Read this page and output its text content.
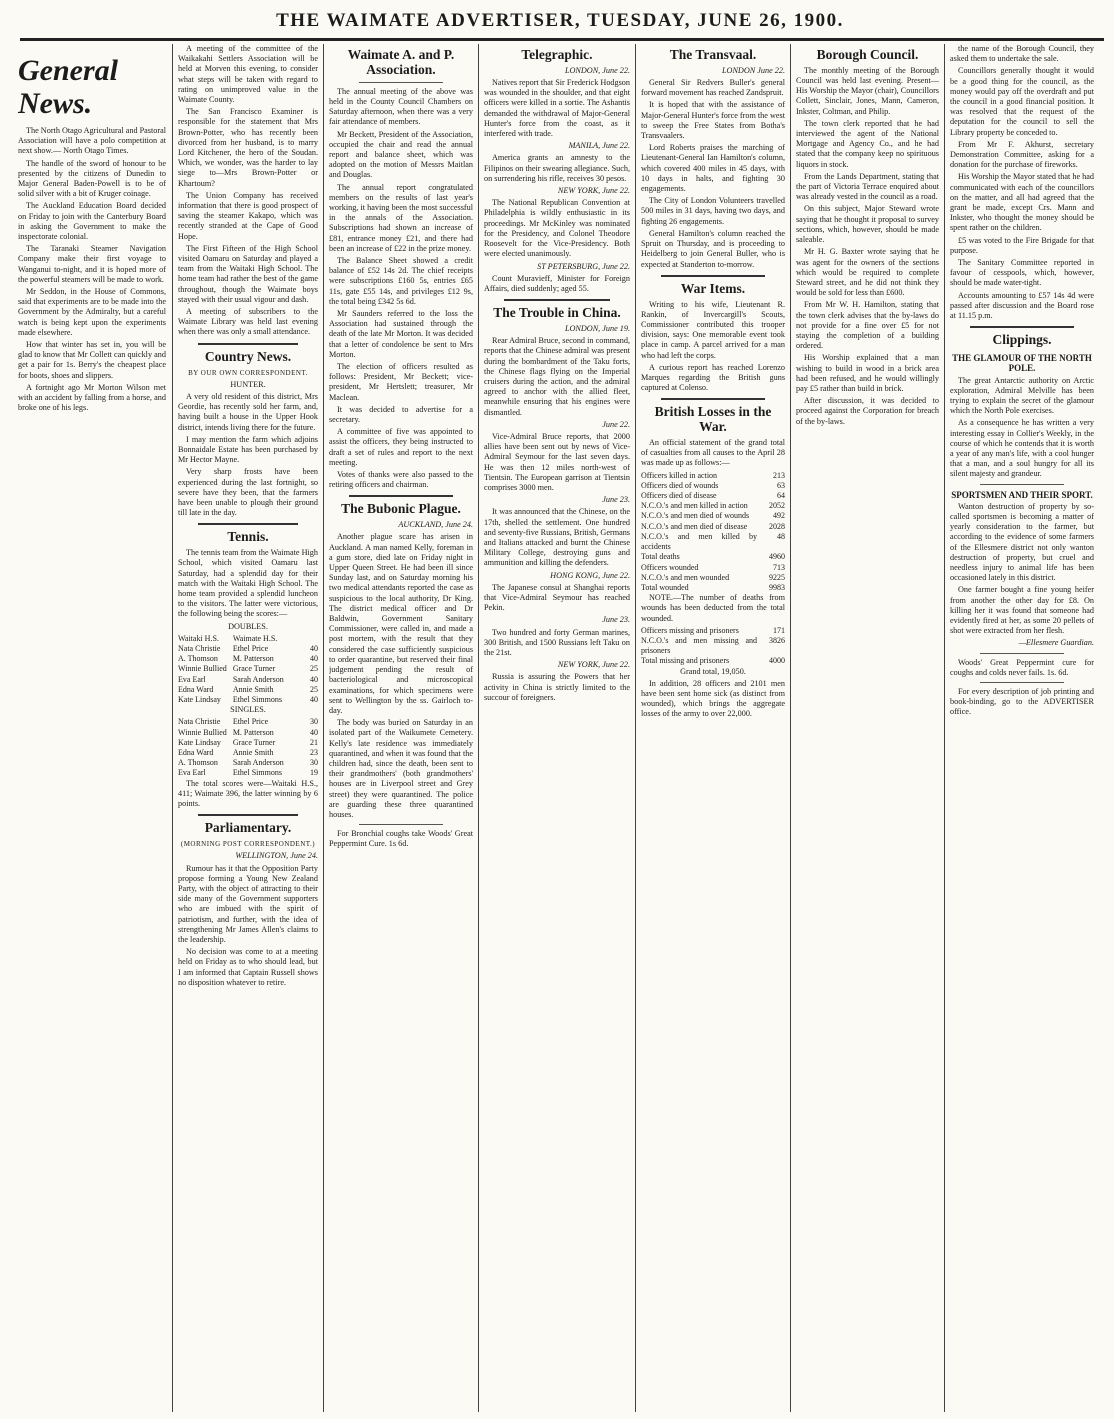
THE WAIMATE ADVERTISER, TUESDAY, JUNE 26, 1900.
General News.

The North Otago Agricultural and Pastoral Association will have a polo competition at next show.— North Otago Times.

The handle of the sword of honour to be presented by the citizens of Dunedin to Major General Baden-Powell is to be of solid silver with a bit of Kruger coinage.

The Auckland Education Board decided on Friday to join with the Canterbury Board in asking the Government to make the inspectorate colonial.

The Taranaki Steamer Navigation Company make their first voyage to Wanganui to-night, and it is hoped more of the powerful steamers will be made to work.

Mr Seddon, in the House of Commons, said that experiments are to be made into the Government by the Admiralty, but a careful watch is being kept upon the experiments made elsewhere.

How that winter has set in, you will be glad to know that Mr Collett can quickly and get a pair for 1s. Berry's the cheapest place for boots, shoes and slippers.

A fortnight ago Mr Morton Wilson met with an accident by falling from a horse, and broke one of his legs.

A meeting of the committee of the Waikakahi Settlers Association will be held at Morven this evening, to consider what steps will be taken with regard to rating on unimproved value in the Waimate County.

The San Francisco Examiner is responsible for the statement that Mrs Brown-Potter, who has recently been divorced from her husband, is to marry Lord Kitchener, the hero of the Soudan. Which, we wonder, was the harder to lay siege to—Mrs Brown-Potter or Khartoum?

The Union Company has received information that there is good prospect of saving the steamer Kakapo, which was recently stranded at the Cape of Good Hope.

The First Fifteen of the High School visited Oamaru on Saturday and played a team from the Waitaki High School. The home team had rather the best of the game throughout, though the Waimate boys stayed with their usual vigour and dash.

A meeting of subscribers to the Waimate Library was held last evening when there was only a small attendance.

Country News.

BY OUR OWN CORRESPONDENT.

HUNTER.

A very old resident of this district, Mrs Geordie, has recently sold her farm, and, having built a house in the Upper Hook district, intends living there for the future.

I may mention the farm which adjoins Bonnaidale Estate has been purchased by Mr Hector Mayne.

Very sharp frosts have been experienced during the last fortnight, so severe have they been, that the farmers have been unable to plough their ground till late in the day.

Tennis.

The tennis team from the Waimate High School, which visited Oamaru last Saturday, had a splendid day for their match with the Waitaki High School. The home team provided a splendid luncheon to the visitors. The latter were victorious, the following being the scores:—

DOUBLES.

Waitaki H.S.	Waimate H.S.	
Nata Christie	Ethel Price	40
A. Thomson	M. Patterson	40
Winnie Bullied	Grace Turner	25
Eva Earl	Sarah Anderson	40
Edna Ward	Annie Smith	25
Kate Lindsay	Ethel Simmons	40

SINGLES.

Nata Christie	Ethel Price	30
Winnie Bullied	M. Patterson	40
Kate Lindsay	Grace Turner	21
Edna Ward	Annie Smith	23
A. Thomson	Sarah Anderson	30
Eva Earl	Ethel Simmons	19

The total scores were—Waitaki H.S., 411; Waimate 396, the latter winning by 6 points.

Parliamentary.

(MORNING POST CORRESPONDENT.)

WELLINGTON, June 24.

Rumour has it that the Opposition Party propose forming a Young New Zealand Party, with the object of attracting to their side many of the Government supporters who are imbued with the spirit of patriotism, and further, with the idea of strengthening Mr James Allen's claims to the leadership.

No decision was come to at a meeting held on Friday as to who should lead, but I am informed that Captain Russell shows no disposition whatever to retire.

Waimate A. and P. Association.

The annual meeting of the above was held in the County Council Chambers on Saturday afternoon, when there was a very fair attendance of members.

Mr Beckett, President of the Association, occupied the chair and read the annual report and balance sheet, which was adopted on the motion of Messrs Maitlan and Douglas.

The annual report congratulated members on the results of last year's working, it having been the most successful in the annals of the Association. Subscriptions had shown an increase of £81, entrance money £21, and there had been an increase of £22 in the prize money.

The Balance Sheet showed a credit balance of £52 14s 2d. The chief receipts were subscriptions £160 5s, entries £65 11s, gate £55 14s, and privileges £12 9s, the total being £342 5s 6d.

Mr Saunders referred to the loss the Association had sustained through the death of the late Mr Morton. It was decided that a letter of condolence be sent to Mrs Morton.

The election of officers resulted as follows: President, Mr Beckett; vice-president, Mr Hertslett; treasurer, Mr Maclean.

It was decided to advertise for a secretary.

A committee of five was appointed to assist the officers, they being instructed to draft a set of rules and report to the next meeting.

Votes of thanks were also passed to the retiring officers and chairman.

The Bubonic Plague.

AUCKLAND, June 24.

Another plague scare has arisen in Auckland. A man named Kelly, foreman in a gum store, died late on Friday night in Upper Queen Street. He had been ill since Sunday last, and on Saturday morning his two medical attendants reported the case as suspicious to the local authority, Dr King. The district medical officer and Dr Baldwin, Government Sanitary Commissioner, were called in, and made a post mortem, with the result that they considered the case sufficiently suspicious to order quarantine, but reserved their final judgement pending the result of bacteriological and microscopical examinations, for which specimens were sent to Wellington by the ss. Gairloch to-day.

The body was buried on Saturday in an isolated part of the Waikumete Cemetery. Kelly's late residence was immediately quarantined, and when it was found that the children had, since the death, been sent to their grandmothers' (both grandmothers' houses are in Liverpool street and Grey street) they were quarantined. The police are guarding these three quarantined houses.

For Bronchial coughs take Woods' Great Peppermint Cure. 1s 6d.

Telegraphic.

LONDON, June 22.

Natives report that Sir Frederick Hodgson was wounded in the shoulder, and that eight officers were killed in a sortie. The Ashantis demanded the withdrawal of Major-General Hunter's force from the coast, as it interfered with trade.

MANILA, June 22.

America grants an amnesty to the Filipinos on their swearing allegiance. Such, on surrendering his rifle, receives 30 pesos.

NEW YORK, June 22.

The National Republican Convention at Philadelphia is wildly enthusiastic in its proceedings. Mr McKinley was nominated for the Presidency, and Colonel Theodore Roosevelt for the Vice-Presidency. Both were elected unanimously.

ST PETERSBURG, June 22.

Count Muravieff, Minister for Foreign Affairs, died suddenly; aged 55.

The Trouble in China.

LONDON, June 19.

Rear Admiral Bruce, second in command, reports that the Chinese admiral was present during the bombardment of the Taku forts, the Chinese flags flying on the Imperial cruisers during the action, and the admiral agreed to anchor with the allied fleet, meanwhile ensuring that his engines were dismantled.

June 22.

Vice-Admiral Bruce reports, that 2000 allies have been sent out by news of Vice-Admiral Seymour for the last seven days. He was then 12 miles north-west of Tientsin. The European garrison at Tientsin comprises 3000 men.

June 23.

It was announced that the Chinese, on the 17th, shelled the settlement. One hundred and seventy-five Russians, British, Germans and Italians attacked and burnt the Chinese Military College, destroying guns and ammunition and killing the defenders.

HONG KONG, June 22.

The Japanese consul at Shanghai reports that Vice-Admiral Seymour has reached Pekin.

June 23.

Two hundred and forty German marines, 300 British, and 1500 Russians left Taku on the 21st.

NEW YORK, June 22.

Russia is assuring the Powers that her activity in China is strictly limited to the succour of foreigners.

The Transvaal.

LONDON June 22.

General Sir Redvers Buller's general forward movement has reached Zandspruit.

It is hoped that with the assistance of Major-General Hunter's force from the west to sweep the Free States from Botha's Transvaalers.

Lord Roberts praises the marching of Lieutenant-General Ian Hamilton's column, which covered 400 miles in 45 days, with 10 days in halts, and fighting 30 engagements.

The City of London Volunteers travelled 500 miles in 31 days, having two days, and fighting 26 engagements.

General Hamilton's column reached the Spruit on Thursday, and is proceeding to Heidelberg to join General Buller, who is expected at Standerton to-morrow.

War Items.

Writing to his wife, Lieutenant R. Rankin, of Invercargill's Scouts, Commissioner contributed this trooper division, says: One memorable event took place in camp. A parcel arrived for a man who had left the corps.

A curious report has reached Lorenzo Marques regarding the British guns captured at Colenso.

British Losses in the War.

An official statement of the grand total of casualties from all causes to the April 28 was made up as follows:—

Officers killed in action	213
Officers died of wounds	63
Officers died of disease	64
N.C.O.'s and men killed in action	2052
N.C.O.'s and men died of wounds	492
N.C.O.'s and men died of disease	2028
N.C.O.'s and men killed by accidents	48
Total deaths	4960
Officers wounded	713
N.C.O.'s and men wounded	9225
Total wounded	9983

NOTE.—The number of deaths from wounds has been deducted from the total wounded.

Officers missing and prisoners	171
N.C.O.'s and men missing and prisoners	3826
Total missing and prisoners	4000

Grand total, 19,050.

In addition, 28 officers and 2101 men have been sent home sick (as distinct from wounded), which brings the aggregate losses of the army to over 22,000.

Borough Council.

The monthly meeting of the Borough Council was held last evening. Present—His Worship the Mayor (chair), Councillors Collett, Sinclair, Jones, Mann, Cameron, Inkster, Coltman, and Philip.

The town clerk reported that he had interviewed the agent of the National Mortgage and Agency Co., and he had stated that the company keep no spirituous liquors in stock.

From the Lands Department, stating that the part of Victoria Terrace enquired about was already vested in the council as a road.

On this subject, Major Steward wrote saying that he thought it proposal to survey sections, which, however, should be made saleable.

Mr H. G. Baxter wrote saying that he was agent for the owners of the sections which would be required to complete Steward street, and he did not think they would be sold for less than £600.

From Mr W. H. Hamilton, stating that the town clerk advises that the by-laws do not provide for a fine over £5 for not staying the completion of a building ordered.

His Worship explained that a man wishing to build in wood in a brick area had been refused, and he would willingly pay £5 rather than build in brick.

After discussion, it was decided to proceed against the Corporation for breach of the by-laws.

the name of the Borough Council, they asked them to undertake the sale.

Councillors generally thought it would be a good thing for the council, as the money would pay off the overdraft and put the council in a good financial position. It was resolved that the request of the deputation for the council to sell the Library property be conceded to.

From Mr F. Akhurst, secretary Demonstration Committee, asking for a donation for the purchase of fireworks.

His Worship the Mayor stated that he had communicated with each of the councillors on the matter, and all had agreed that the grant be made, except Crs. Mann and Inkster, who thought the money should be spent rather on the children.

£5 was voted to the Fire Brigade for that purpose.

The Sanitary Committee reported in favour of cesspools, which, however, should be made water-tight.

Accounts amounting to £57 14s 4d were passed after discussion and the Board rose at 11.15 p.m.

Clippings.
THE GLAMOUR OF THE NORTH POLE.

The great Antarctic authority on Arctic exploration, Admiral Melville has been trying to explain the secret of the glamour which the North Pole exercises.

As a consequence he has written a very interesting essay in Collier's Weekly, in the course of which he contends that it is worth a year of any man's life, with a cool hunger that a man, and a soul hungry for all its silent majesty and grandeur.

SPORTSMEN AND THEIR SPORT.

Wanton destruction of property by so-called sportsmen is becoming a matter of yearly consideration to the farmer, but according to the evidence of some farmers of the Ellesmere district not only wanton destruction of property, but cruel and needless injury to animal life has been occasioned lately in this district.

One farmer bought a fine young heifer from another the other day for £8. On killing her it was found that someone had evidently fired at her, as some 20 pellets of shot were extracted from her flesh.

—Ellesmere Guardian.

Woods' Great Peppermint cure for coughs and colds never fails. 1s. 6d.

For every description of job printing and book-binding, go to the ADVERTISER office.
